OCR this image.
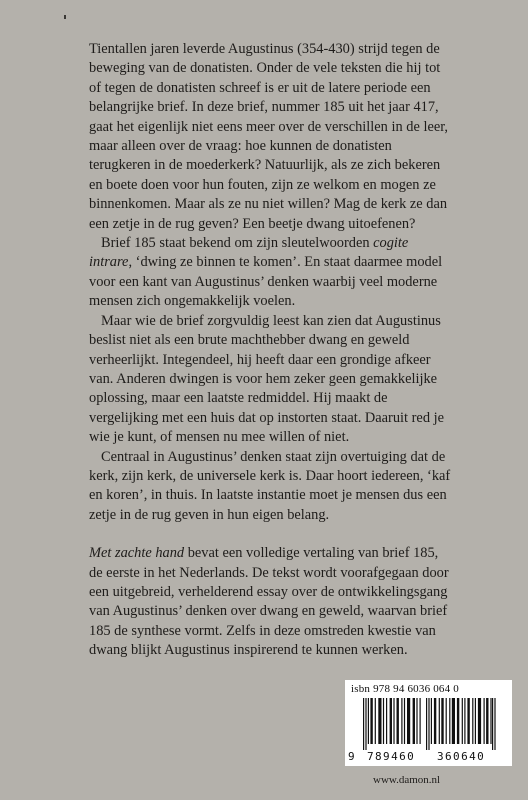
Tientallen jaren leverde Augustinus (354-430) strijd tegen de beweging van de donatisten. Onder de vele teksten die hij tot of tegen de donatisten schreef is er uit de latere periode een belangrijke brief. In deze brief, nummer 185 uit het jaar 417, gaat het eigenlijk niet eens meer over de verschillen in de leer, maar alleen over de vraag: hoe kunnen de donatisten terugkeren in de moederkerk? Natuurlijk, als ze zich bekeren en boete doen voor hun fouten, zijn ze welkom en mogen ze binnenkomen. Maar als ze nu niet willen? Mag de kerk ze dan een zetje in de rug geven? Een beetje dwang uitoefenen?

Brief 185 staat bekend om zijn sleutelwoorden cogite intrare, ‘dwing ze binnen te komen’. En staat daarmee model voor een kant van Augustinus’ denken waarbij veel moderne mensen zich ongemakkelijk voelen.

Maar wie de brief zorgvuldig leest kan zien dat Augustinus beslist niet als een brute machthebber dwang en geweld verheerlijkt. Integendeel, hij heeft daar een grondige afkeer van. Anderen dwingen is voor hem zeker geen gemakkelijke oplossing, maar een laatste redmiddel. Hij maakt de vergelijking met een huis dat op instorten staat. Daaruit red je wie je kunt, of mensen nu mee willen of niet.

Centraal in Augustinus’ denken staat zijn overtuiging dat de kerk, zijn kerk, de universele kerk is. Daar hoort iedereen, ‘kaf en koren’, in thuis. In laatste instantie moet je mensen dus een zetje in de rug geven in hun eigen belang.

Met zachte hand bevat een volledige vertaling van brief 185, de eerste in het Nederlands. De tekst wordt voorafgegaan door een uitgebreid, verhelderend essay over de ontwikkelingsgang van Augustinus’ denken over dwang en geweld, waarvan brief 185 de synthese vormt. Zelfs in deze omstreden kwestie van dwang blijkt Augustinus inspirerend te kunnen werken.

isbn 978 94 6036 064 0
9 789460 360640
www.damon.nl
